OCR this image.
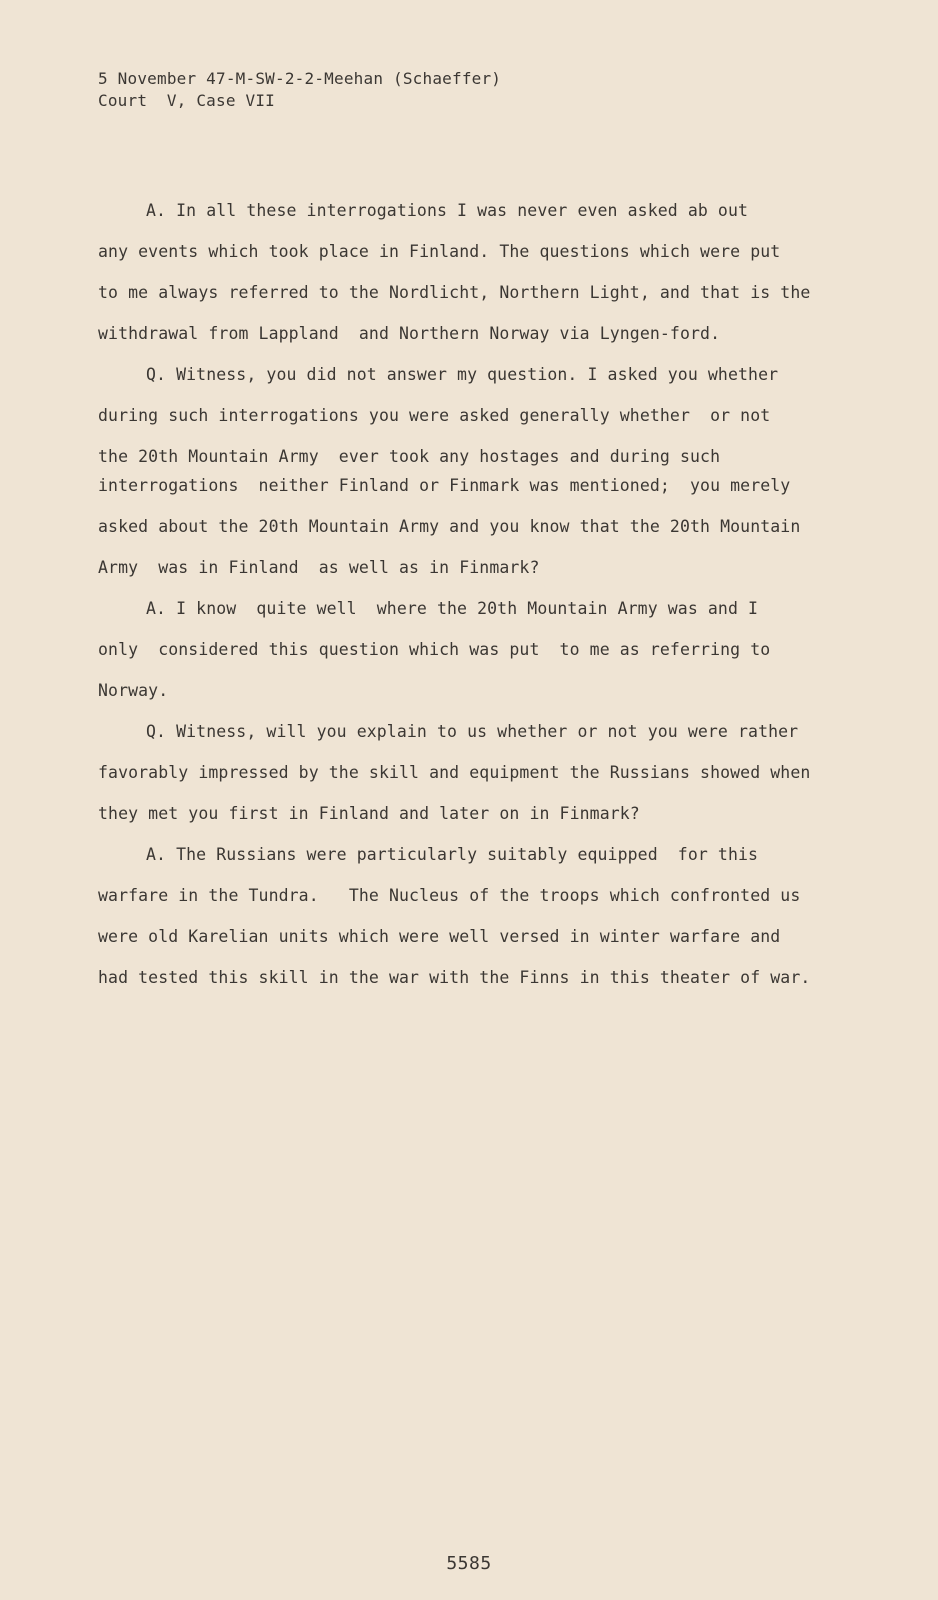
5 November 47-M-SW-2-2-Meehan (Schaeffer)
Court  V, Case VII
A. In all these interrogations I was never even asked ab out
any events which took place in Finland. The questions which were put
to me always referred to the Nordlicht, Northern Light, and that is the
withdrawal from Lappland  and Northern Norway via Lyngen-ford.
Q. Witness, you did not answer my question. I asked you whether
during such interrogations you were asked generally whether  or not
the 20th Mountain Army  ever took any hostages and during such
interrogations  neither Finland or Finmark was mentioned;  you merely
asked about the 20th Mountain Army and you know that the 20th Mountain
Army  was in Finland  as well as in Finmark?
A. I know  quite well  where the 20th Mountain Army was and I
only  considered this question which was put  to me as referring to
Norway.
Q. Witness, will you explain to us whether or not you were rather
favorably impressed by the skill and equipment the Russians showed when
they met you first in Finland and later on in Finmark?
A. The Russians were particularly suitably equipped  for this
warfare in the Tundra.   The Nucleus of the troops which confronted us
were old Karelian units which were well versed in winter warfare and
had tested this skill in the war with the Finns in this theater of war.
5585
